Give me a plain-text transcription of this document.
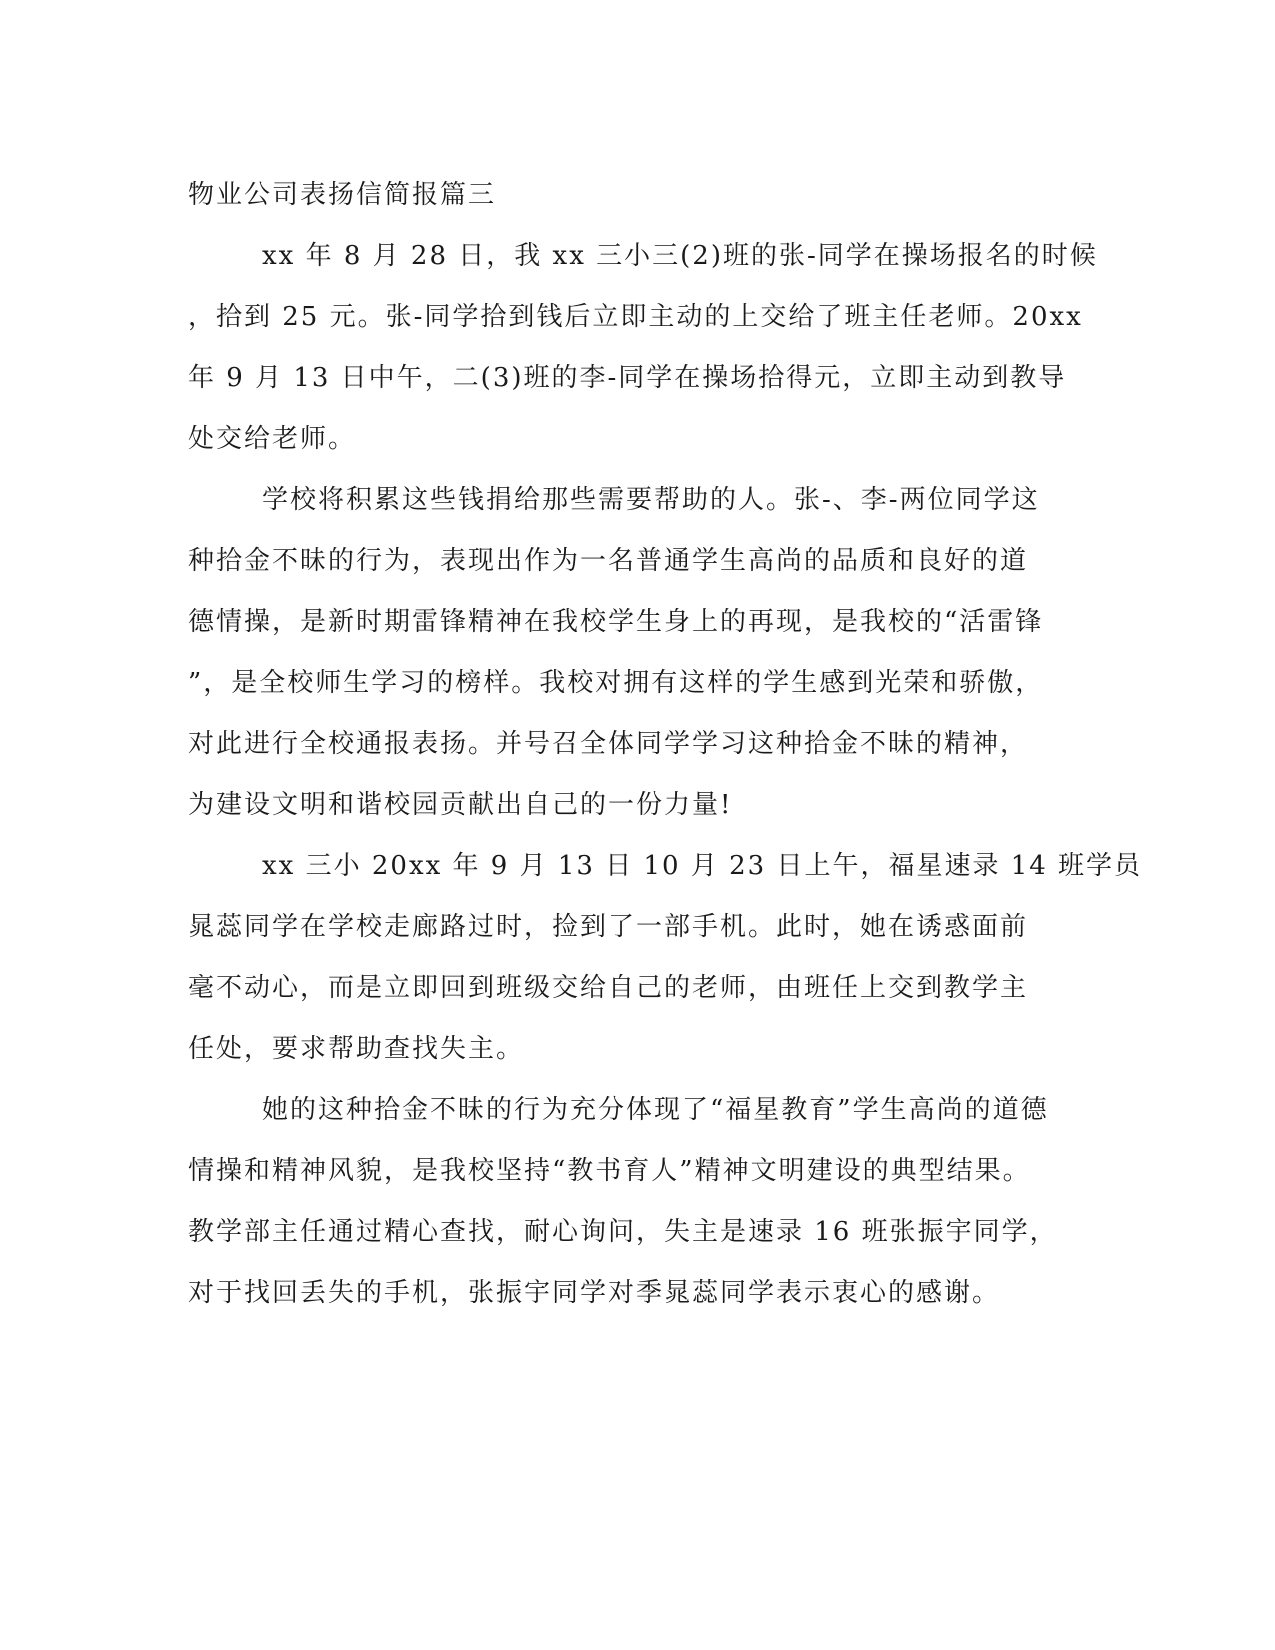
物业公司表扬信简报篇三

xx 年 8 月 28 日，我 xx 三小三(2)班的张-同学在操场报名的时候
，拾到 25 元。张-同学拾到钱后立即主动的上交给了班主任老师。20xx
年 9 月 13 日中午，二(3)班的李-同学在操场拾得元，立即主动到教导
处交给老师。

学校将积累这些钱捐给那些需要帮助的人。张-、李-两位同学这
种拾金不昧的行为，表现出作为一名普通学生高尚的品质和良好的道
德情操，是新时期雷锋精神在我校学生身上的再现，是我校的“活雷锋
”，是全校师生学习的榜样。我校对拥有这样的学生感到光荣和骄傲，
对此进行全校通报表扬。并号召全体同学学习这种拾金不昧的精神，
为建设文明和谐校园贡献出自己的一份力量!

xx 三小 20xx 年 9 月 13 日 10 月 23 日上午，福星速录 14 班学员
晁蕊同学在学校走廊路过时，捡到了一部手机。此时，她在诱惑面前
毫不动心，而是立即回到班级交给自己的老师，由班任上交到教学主
任处，要求帮助查找失主。

她的这种拾金不昧的行为充分体现了“福星教育”学生高尚的道德
情操和精神风貌，是我校坚持“教书育人”精神文明建设的典型结果。
教学部主任通过精心查找，耐心询问，失主是速录 16 班张振宇同学，
对于找回丢失的手机，张振宇同学对季晁蕊同学表示衷心的感谢。
